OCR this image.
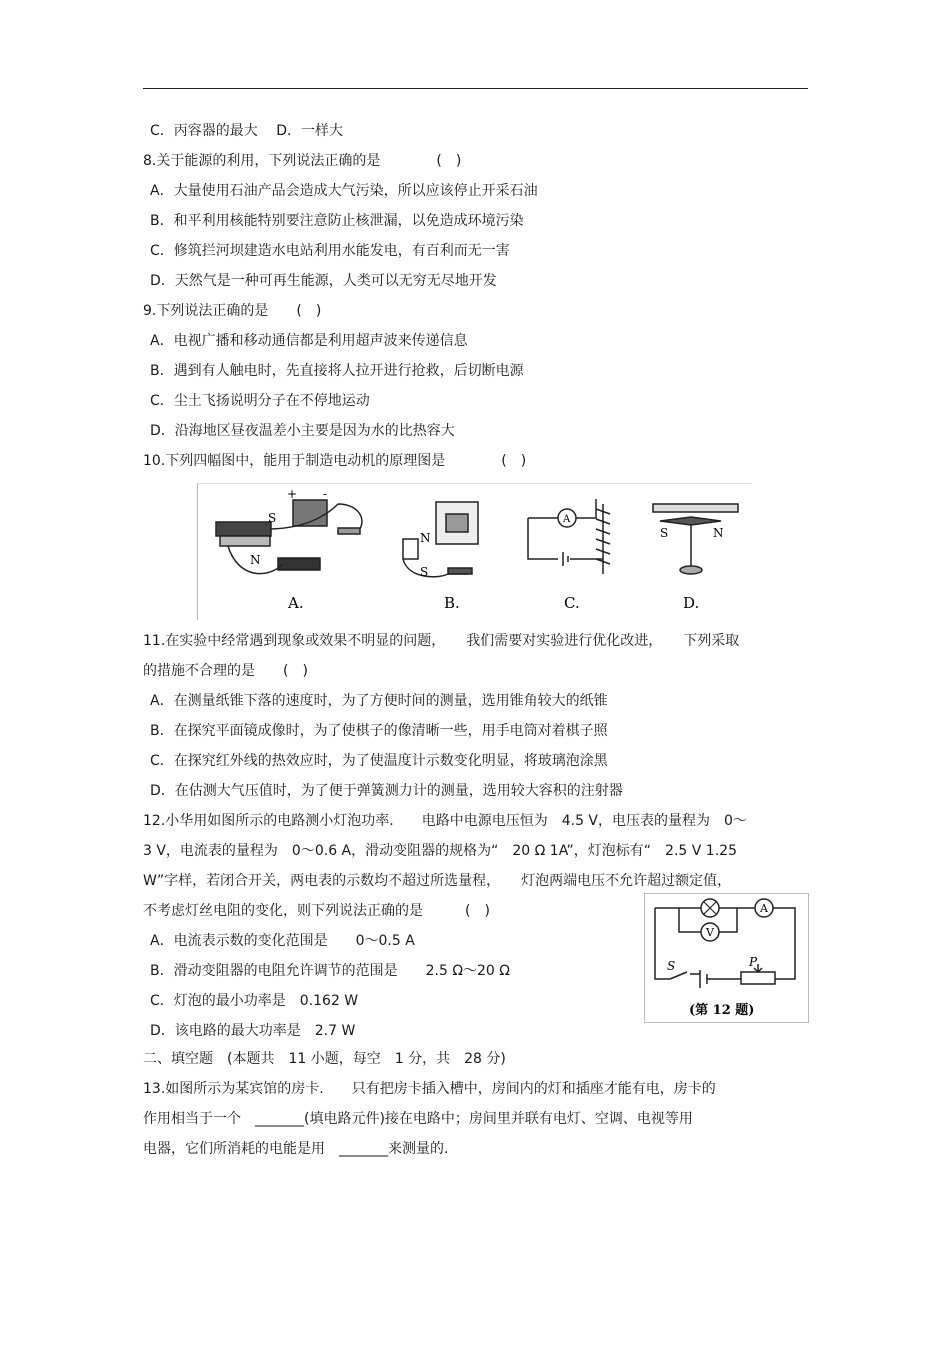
C．丙容器的最大　 D．一样大
8.关于能源的利用，下列说法正确的是　　　　(　)
A．大量使用石油产品会造成大气污染，所以应该停止开采石油
B．和平利用核能特别要注意防止核泄漏，以免造成环境污染
C．修筑拦河坝建造水电站利用水能发电，有百利而无一害
D．天然气是一种可再生能源，人类可以无穷无尽地开发
9.下列说法正确的是　　(　)
A．电视广播和移动通信都是利用超声波来传递信息
B．遇到有人触电时，先直接将人拉开进行抢救，后切断电源
C．尘土飞扬说明分子在不停地运动
D．沿海地区昼夜温差小主要是因为水的比热容大
10.下列四幅图中，能用于制造电动机的原理图是　　　　(　)
S
N
+ -
A.
N
S
B.
A
C.
S	N
D.
11.在实验中经常遇到现象或效果不明显的问题，　　我们需要对实验进行优化改进，　　下列采取
的措施不合理的是　　(　)
A．在测量纸锥下落的速度时，为了方便时间的测量，选用锥角较大的纸锥
B．在探究平面镜成像时，为了使棋子的像清晰一些，用手电筒对着棋子照
C．在探究红外线的热效应时，为了使温度计示数变化明显，将玻璃泡涂黑
D．在估测大气压值时，为了便于弹簧测力计的测量，选用较大容积的注射器
12.小华用如图所示的电路测小灯泡功率.　　电路中电源电压恒为　4.5 V，电压表的量程为　0～
3 V，电流表的量程为　0～0.6 A，滑动变阻器的规格为“　20 Ω 1A”，灯泡标有“　2.5 V 1.25
W”字样，若闭合开关，两电表的示数均不超过所选量程，　　灯泡两端电压不允许超过额定值，
不考虑灯丝电阻的变化，则下列说法正确的是　　　(　)
A．电流表示数的变化范围是　　0～0.5 A
B．滑动变阻器的电阻允许调节的范围是　　2.5 Ω～20 Ω
C．灯泡的最小功率是　0.162 W
D．该电路的最大功率是　2.7 W
A
V
S	P
(第 12 题)
二、填空题　(本题共　11 小题，每空　1 分，共　28 分)
13.如图所示为某宾馆的房卡.　　只有把房卡插入槽中，房间内的灯和插座才能有电，房卡的
作用相当于一个　_______(填电路元件)接在电路中；房间里并联有电灯、空调、电视等用
电器，它们所消耗的电能是用　_______来测量的.
